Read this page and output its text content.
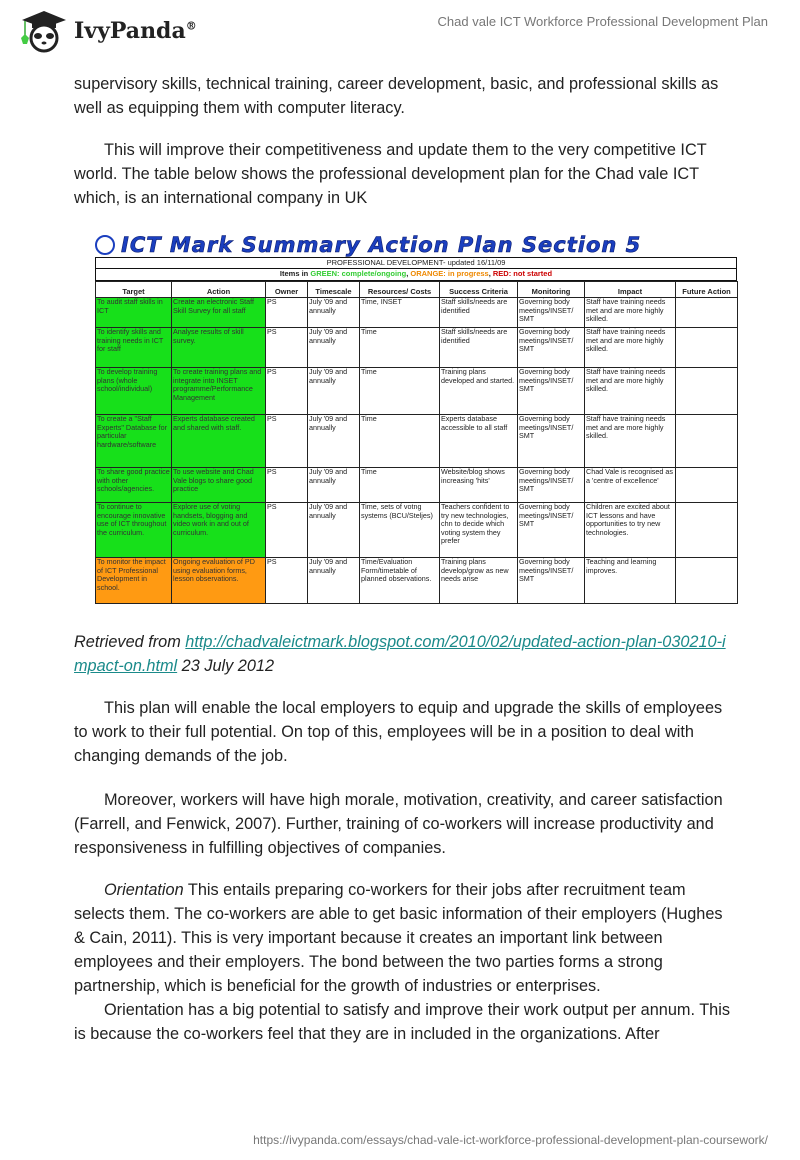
IvyPanda®	Chad vale ICT Workforce Professional Development Plan
supervisory skills, technical training, career development, basic, and professional skills as well as equipping them with computer literacy.
This will improve their competitiveness and update them to the very competitive ICT world. The table below shows the professional development plan for the Chad vale ICT which, is an international company in UK
ICT Mark Summary Action Plan Section 5
PROFESSIONAL DEVELOPMENT- updated 16/11/09
Items in GREEN: complete/ongoing, ORANGE: in progress, RED: not started
Target	Action	Owner	Timescale	Resources/ Costs	Success Criteria	Monitoring	Impact	Future Action
To audit staff skills in ICT	Create an electronic Staff Skill Survey for all staff	PS	July '09 and annually	Time, INSET	Staff skills/needs are identified	Governing body meetings/INSET/ SMT	Staff have training needs met and are more highly skilled.	
To identify skills and training needs in ICT for staff	Analyse results of skill survey.	PS	July '09 and annually	Time	Staff skills/needs are identified	Governing body meetings/INSET/ SMT	Staff have training needs met and are more highly skilled.	
To develop training plans (whole school/individual)	To create training plans and integrate into INSET programme/Performance Management	PS	July '09 and annually	Time	Training plans developed and started.	Governing body meetings/INSET/ SMT	Staff have training needs met and are more highly skilled.	
To create a "Staff Experts" Database for particular hardware/software	Experts database created and shared with staff.	PS	July '09 and annually	Time	Experts database accessible to all staff	Governing body meetings/INSET/ SMT	Staff have training needs met and are more highly skilled.	
To share good practice with other schools/agencies.	To use website and Chad Vale blogs to share good practice	PS	July '09 and annually	Time	Website/blog shows increasing 'hits'	Governing body meetings/INSET/ SMT	Chad Vale is recognised as a 'centre of excellence'	
To continue to encourage innovative use of ICT throughout the curriculum.	Explore use of voting handsets, blogging and video work in and out of curriculum.	PS	July '09 and annually	Time, sets of votng systems (BCU/Steljes)	Teachers confident to try new technologies, chn to decide which voting system they prefer	Governing body meetings/INSET/ SMT	Children are excited about ICT lessons and have opportunities to try new technologies.	
To monitor the impact of ICT Professional Development in school.	Ongoing evaluation of PD using evaluation forms, lesson observations.	PS	July '09 and annually	Time/Evaluation Form/timetable of planned observations.	Training plans develop/grow as new needs arise	Governing body meetings/INSET/ SMT	Teaching and learning improves.	
Retrieved from http://chadvaleictmark.blogspot.com/2010/02/updated-action-plan-030210-impact-on.html 23 July 2012
This plan will enable the local employers to equip and upgrade the skills of employees to work to their full potential. On top of this, employees will be in a position to deal with changing demands of the job.
Moreover, workers will have high morale, motivation, creativity, and career satisfaction (Farrell, and Fenwick, 2007). Further, training of co-workers will increase productivity and responsiveness in fulfilling objectives of companies.
Orientation This entails preparing co-workers for their jobs after recruitment team selects them. The co-workers are able to get basic information of their employers (Hughes & Cain, 2011). This is very important because it creates an important link between employees and their employers. The bond between the two parties forms a strong partnership, which is beneficial for the growth of industries or enterprises.
Orientation has a big potential to satisfy and improve their work output per annum. This is because the co-workers feel that they are in included in the organizations. After
https://ivypanda.com/essays/chad-vale-ict-workforce-professional-development-plan-coursework/
